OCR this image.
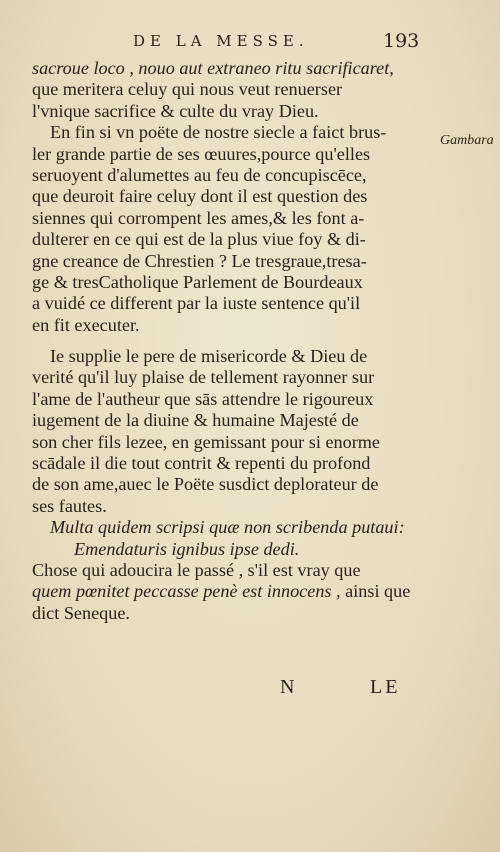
DE LA MESSE.	193
Gambara
sacroue loco , nouo aut extraneo ritu sacrificaret,
que meritera celuy qui nous veut renuerser
l'vnique sacrifice & culte du vray Dieu.
En fin si vn poëte de nostre siecle a faict brus-
ler grande partie de ses œuures,pource qu'elles
seruoyent d'alumettes au feu de concupiscēce,
que deuroit faire celuy dont il est question des
siennes qui corrompent les ames,& les font a-
dulterer en ce qui est de la plus viue foy & di-
gne creance de Chrestien ? Le tresgraue,tresa-
ge & tresCatholique Parlement de Bourdeaux
a vuidé ce different par la iuste sentence qu'il
en fit executer.
Ie supplie le pere de misericorde & Dieu de
verité qu'il luy plaise de tellement rayonner sur
l'ame de l'autheur que sās attendre le rigoureux
iugement de la diuine & humaine Majesté de
son cher fils lezee, en gemissant pour si enorme
scādale il die tout contrit & repenti du profond
de son ame,auec le Poëte susdict deplorateur de
ses fautes.
Multa quidem scripsi quæ non scribenda putaui:
Emendaturis ignibus ipse dedi.
Chose qui adoucira le passé , s'il est vray que
quem pœnitet peccasse penè est innocens , ainsi que
dict Seneque.
N	LE
